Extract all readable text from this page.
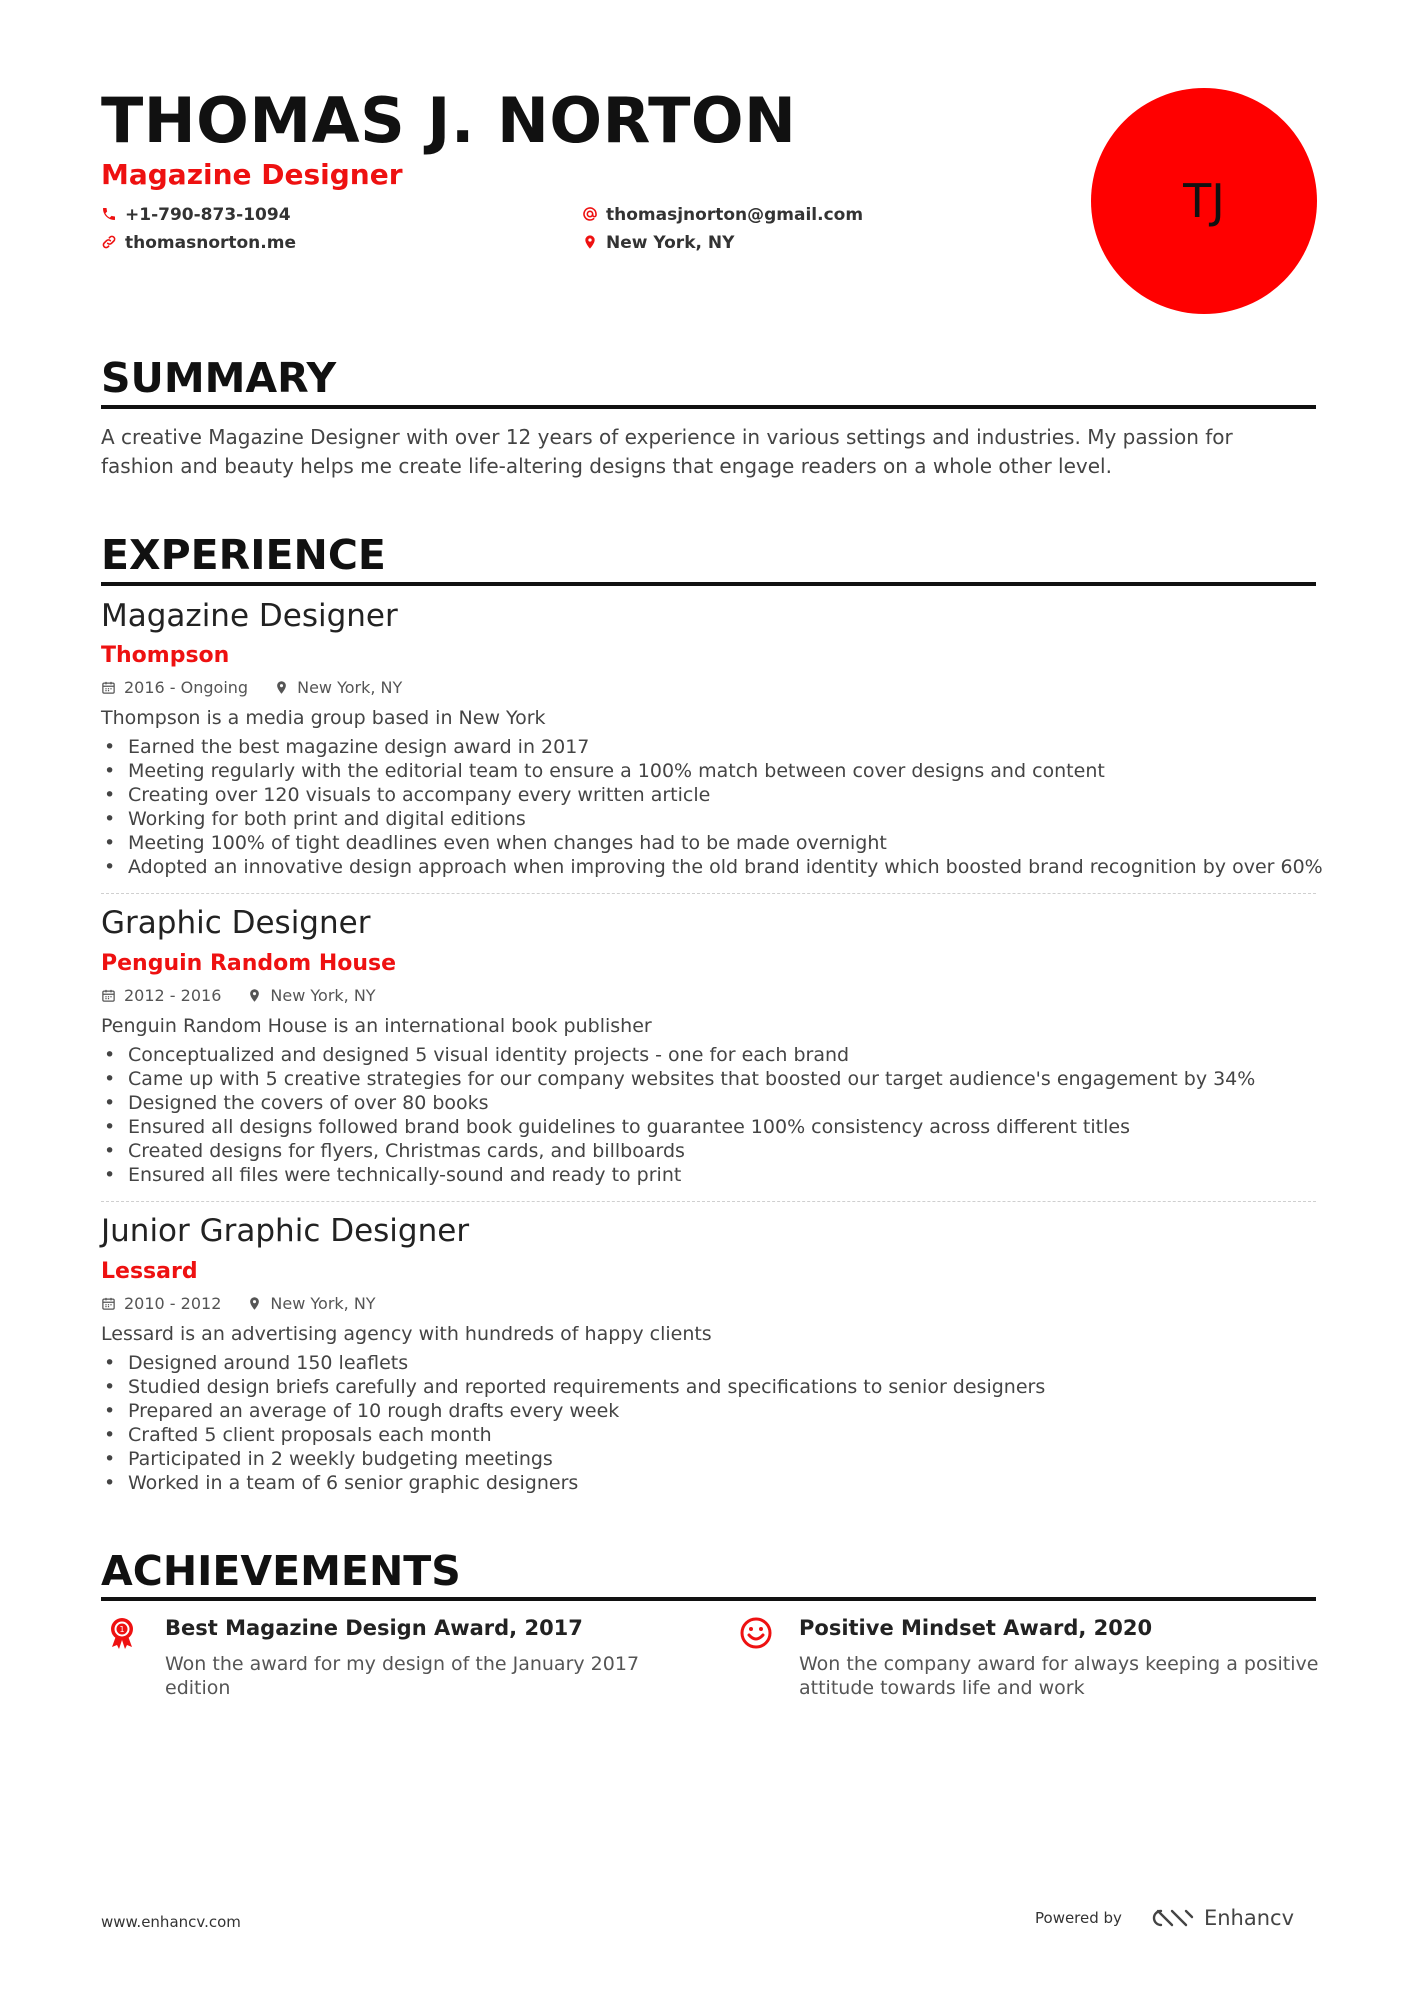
THOMAS J. NORTON
Magazine Designer
+1-790-873-1094	thomasjnorton@gmail.com
thomasnorton.me	New York, NY
TJ
SUMMARY
A creative Magazine Designer with over 12 years of experience in various settings and industries. My passion for
fashion and beauty helps me create life-altering designs that engage readers on a whole other level.
EXPERIENCE
Magazine Designer
Thompson
2016 - Ongoing	New York, NY
Thompson is a media group based in New York
• Earned the best magazine design award in 2017
• Meeting regularly with the editorial team to ensure a 100% match between cover designs and content
• Creating over 120 visuals to accompany every written article
• Working for both print and digital editions
• Meeting 100% of tight deadlines even when changes had to be made overnight
• Adopted an innovative design approach when improving the old brand identity which boosted brand recognition by over 60%
Graphic Designer
Penguin Random House
2012 - 2016	New York, NY
Penguin Random House is an international book publisher
• Conceptualized and designed 5 visual identity projects - one for each brand
• Came up with 5 creative strategies for our company websites that boosted our target audience's engagement by 34%
• Designed the covers of over 80 books
• Ensured all designs followed brand book guidelines to guarantee 100% consistency across different titles
• Created designs for flyers, Christmas cards, and billboards
• Ensured all files were technically-sound and ready to print
Junior Graphic Designer
Lessard
2010 - 2012	New York, NY
Lessard is an advertising agency with hundreds of happy clients
• Designed around 150 leaflets
• Studied design briefs carefully and reported requirements and specifications to senior designers
• Prepared an average of 10 rough drafts every week
• Crafted 5 client proposals each month
• Participated in 2 weekly budgeting meetings
• Worked in a team of 6 senior graphic designers
ACHIEVEMENTS
1 Best Magazine Design Award, 2017
Won the award for my design of the January 2017
edition
Positive Mindset Award, 2020
Won the company award for always keeping a positive
attitude towards life and work
www.enhancv.com	Powered by	Enhancv
